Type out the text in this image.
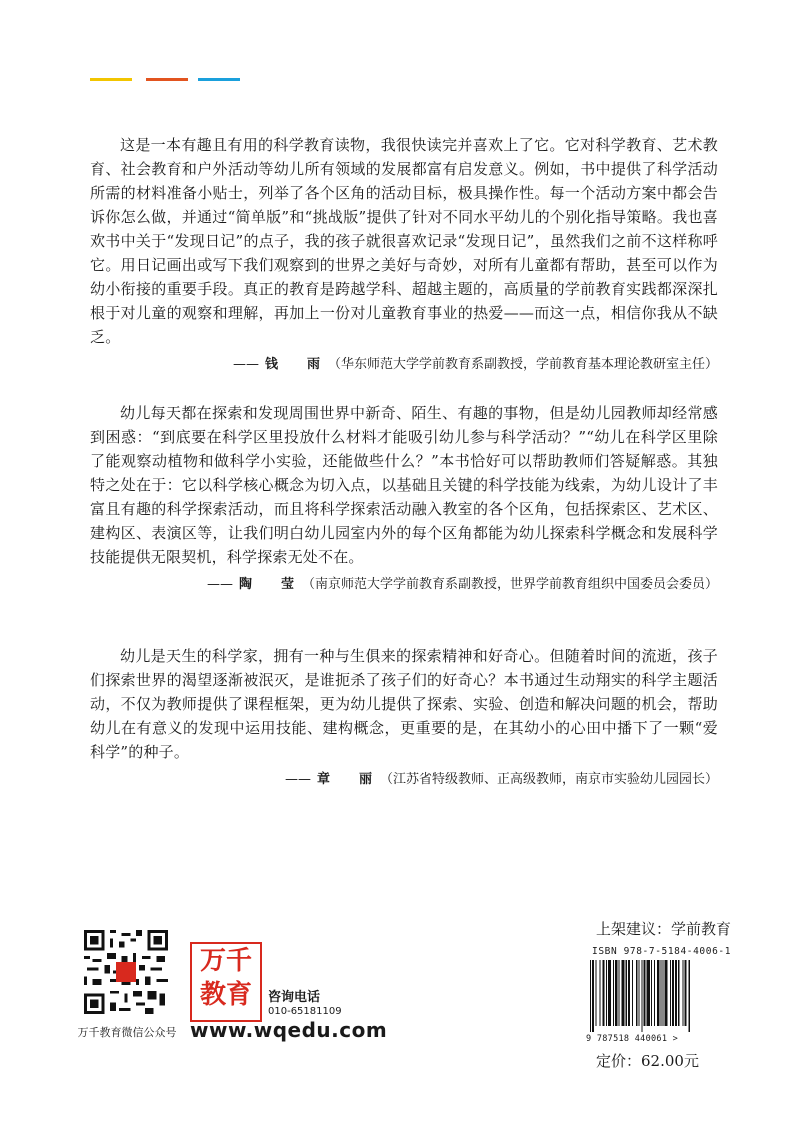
这是一本有趣且有用的科学教育读物，我很快读完并喜欢上了它。它对科学教育、艺术教育、社会教育和户外活动等幼儿所有领域的发展都富有启发意义。例如，书中提供了科学活动所需的材料准备小贴士，列举了各个区角的活动目标，极具操作性。每一个活动方案中都会告诉你怎么做，并通过“简单版”和“挑战版”提供了针对不同水平幼儿的个别化指导策略。我也喜欢书中关于“发现日记”的点子，我的孩子就很喜欢记录“发现日记”，虽然我们之前不这样称呼它。用日记画出或写下我们观察到的世界之美好与奇妙，对所有儿童都有帮助，甚至可以作为幼小衔接的重要手段。真正的教育是跨越学科、超越主题的，高质量的学前教育实践都深深扎根于对儿童的观察和理解，再加上一份对儿童教育事业的热爱——而这一点，相信你我从不缺乏。

—— 钱　雨（华东师范大学学前教育系副教授，学前教育基本理论教研室主任）

幼儿每天都在探索和发现周围世界中新奇、陌生、有趣的事物，但是幼儿园教师却经常感到困惑：“到底要在科学区里投放什么材料才能吸引幼儿参与科学活动？”“幼儿在科学区里除了能观察动植物和做科学小实验，还能做些什么？”本书恰好可以帮助教师们答疑解惑。其独特之处在于：它以科学核心概念为切入点，以基础且关键的科学技能为线索，为幼儿设计了丰富且有趣的科学探索活动，而且将科学探索活动融入教室的各个区角，包括探索区、艺术区、建构区、表演区等，让我们明白幼儿园室内外的每个区角都能为幼儿探索科学概念和发展科学技能提供无限契机，科学探索无处不在。

—— 陶　莹（南京师范大学学前教育系副教授，世界学前教育组织中国委员会委员）

幼儿是天生的科学家，拥有一种与生俱来的探索精神和好奇心。但随着时间的流逝，孩子们探索世界的渴望逐渐被泯灭，是谁扼杀了孩子们的好奇心？本书通过生动翔实的科学主题活动，不仅为教师提供了课程框架，更为幼儿提供了探索、实验、创造和解决问题的机会，帮助幼儿在有意义的发现中运用技能、建构概念，更重要的是，在其幼小的心田中播下了一颗“爱科学”的种子。

—— 章　丽（江苏省特级教师、正高级教师，南京市实验幼儿园园长）
万千教育微信公众号
万千
教育	咨询电话
010-65181109
www.wqedu.com
上架建议：学前教育
ISBN 978-7-5184-4006-1
9 787518 440061 >
定价：62.00元
